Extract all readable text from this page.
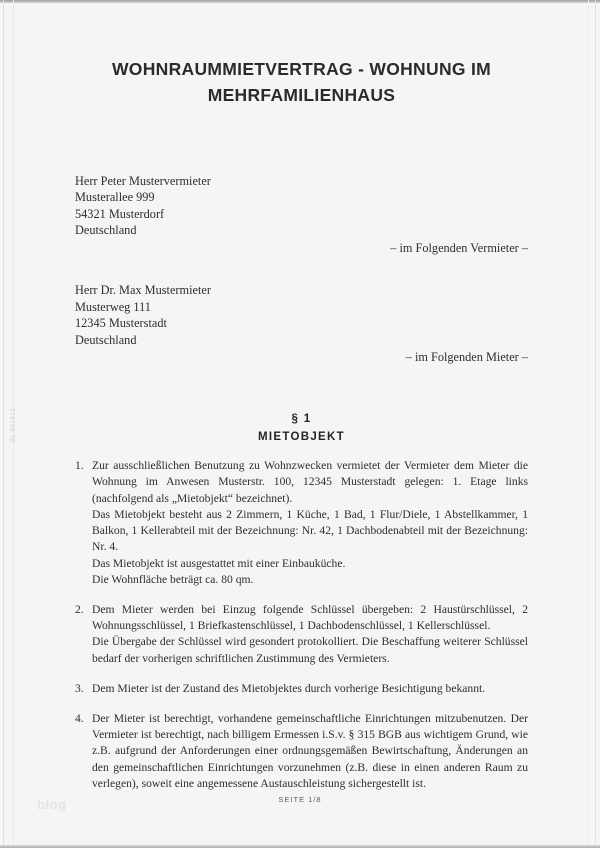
WOHNRAUMMIETVERTRAG - WOHNUNG IM MEHRFAMILIENHAUS
Herr Peter Mustervermieter
Musterallee 999
54321 Musterdorf
Deutschland
– im Folgenden Vermieter –
Herr Dr. Max Mustermieter
Musterweg 111
12345 Musterstadt
Deutschland
– im Folgenden Mieter –
§ 1
MIETOBJEKT
1. Zur ausschließlichen Benutzung zu Wohnzwecken vermietet der Vermieter dem Mieter die Wohnung im Anwesen Musterstr. 100, 12345 Musterstadt gelegen: 1. Etage links (nachfolgend als „Mietobjekt“ bezeichnet).

Das Mietobjekt besteht aus 2 Zimmern, 1 Küche, 1 Bad, 1 Flur/Diele, 1 Abstellkammer, 1 Balkon, 1 Kellerabteil mit der Bezeichnung: Nr. 42, 1 Dachbodenabteil mit der Bezeichnung: Nr. 4.

Das Mietobjekt ist ausgestattet mit einer Einbauküche.

Die Wohnfläche beträgt ca. 80 qm.

2. Dem Mieter werden bei Einzug folgende Schlüssel übergeben: 2 Haustürschlüssel, 2 Wohnungsschlüssel, 1 Briefkastenschlüssel, 1 Dachbodenschlüssel, 1 Kellerschlüssel.

Die Übergabe der Schlüssel wird gesondert protokolliert. Die Beschaffung weiterer Schlüssel bedarf der vorherigen schriftlichen Zustimmung des Vermieters.

3. Dem Mieter ist der Zustand des Mietobjektes durch vorherige Besichtigung bekannt.

4. Der Mieter ist berechtigt, vorhandene gemeinschaftliche Einrichtungen mitzubenutzen. Der Vermieter ist berechtigt, nach billigem Ermessen i.S.v. § 315 BGB aus wichtigem Grund, wie z.B. aufgrund der Anforderungen einer ordnungsgemäßen Bewirtschaftung, Änderungen an den gemeinschaftlichen Einrichtungen vorzunehmen (z.B. diese in einen anderen Raum zu verlegen), soweit eine angemessene Austauschleistung sichergestellt ist.

SEITE 1/8
blog
BL 901813
